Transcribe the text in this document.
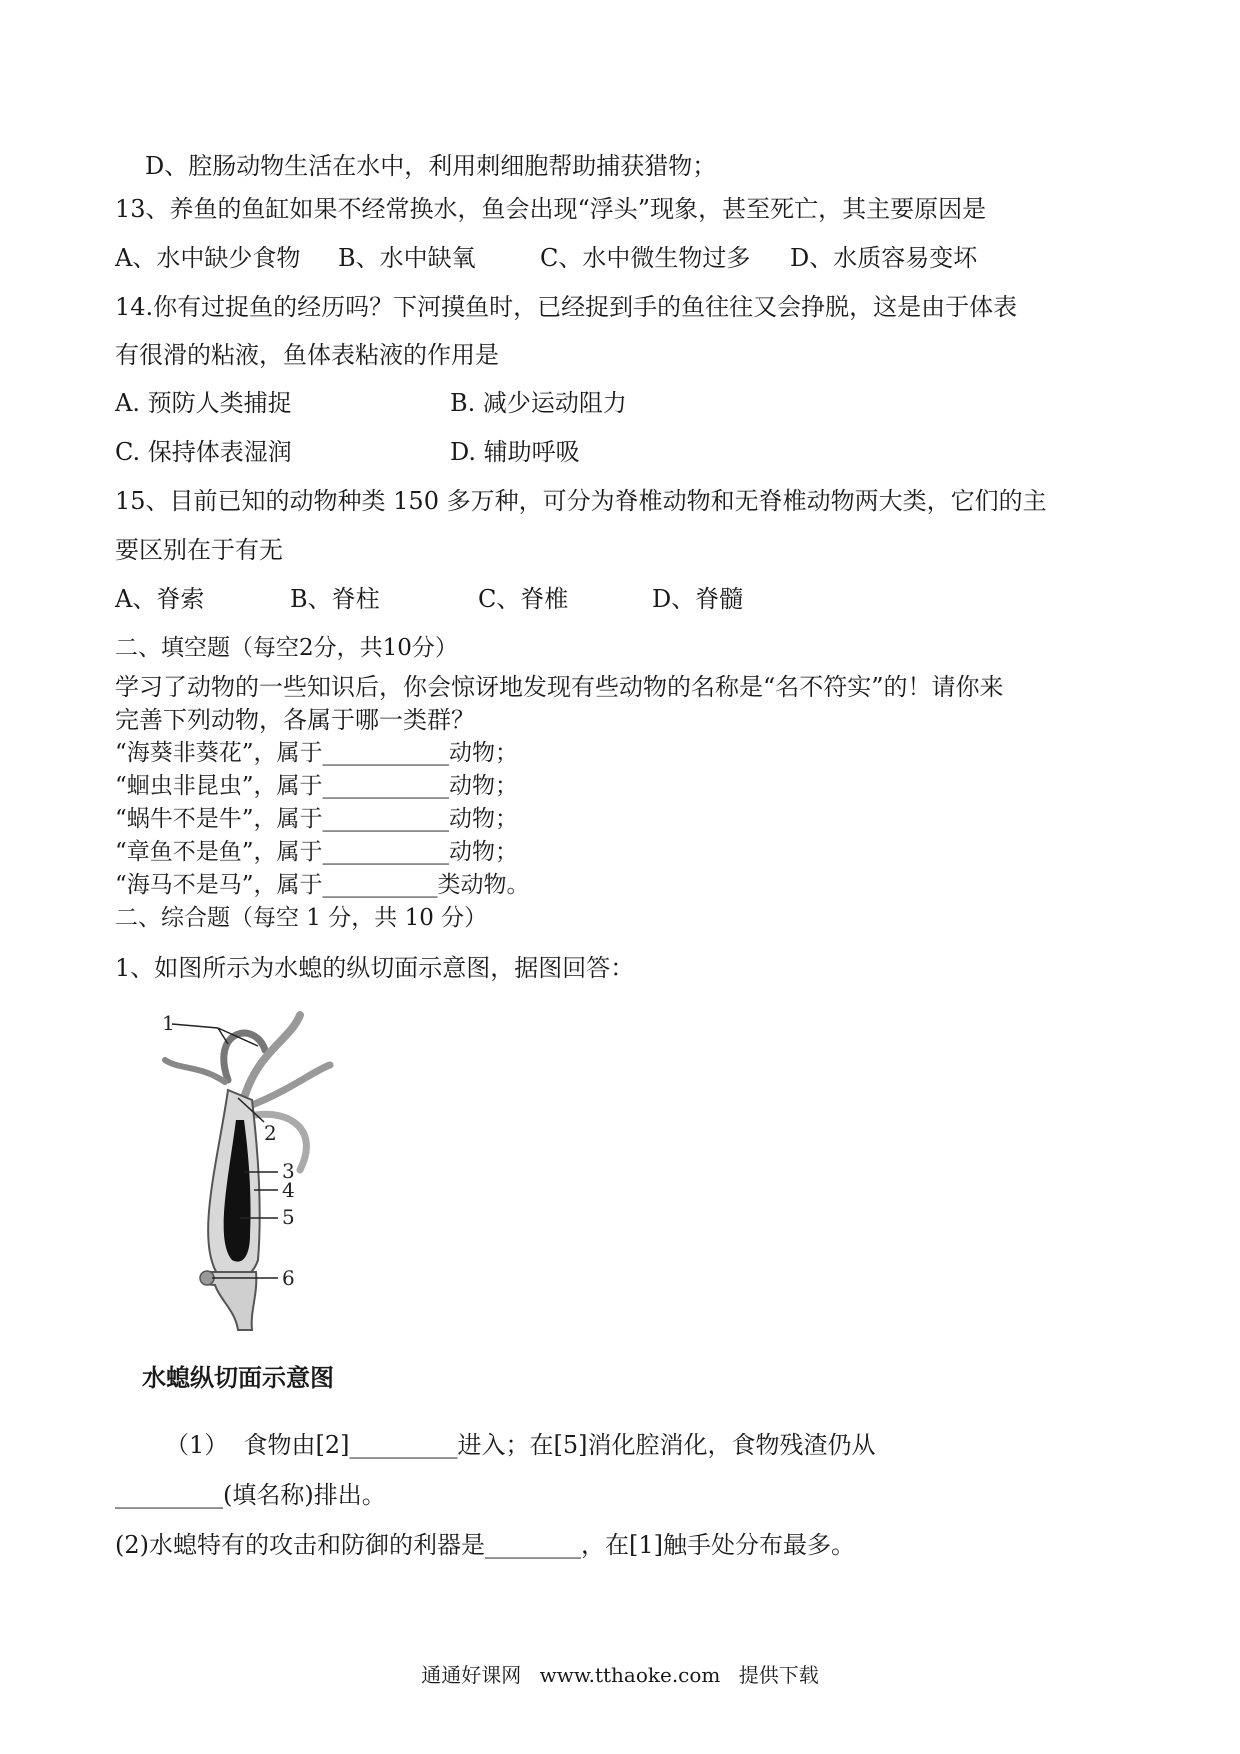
D、腔肠动物生活在水中，利用刺细胞帮助捕获猎物；
13、养鱼的鱼缸如果不经常换水，鱼会出现“浮头”现象，甚至死亡，其主要原因是
A、水中缺少食物 B、水中缺氧	C、水中微生物过多 D、水质容易变坏
14.你有过捉鱼的经历吗？下河摸鱼时，已经捉到手的鱼往往又会挣脱，这是由于体表
有很滑的粘液，鱼体表粘液的作用是
A. 预防人类捕捉	B. 减少运动阻力
C. 保持体表湿润	D. 辅助呼吸
15、目前已知的动物种类 150 多万种，可分为脊椎动物和无脊椎动物两大类，它们的主
要区别在于有无
A、脊索	B、脊柱	C、脊椎	D、脊髓
二、填空题（每空2分，共10分）
学习了动物的一些知识后，你会惊讶地发现有些动物的名称是“名不符实”的！请你来
完善下列动物，各属于哪一类群？
“海葵非葵花”，属于___________动物；
“蛔虫非昆虫”，属于___________动物；
“蜗牛不是牛”，属于___________动物；
“章鱼不是鱼”，属于___________动物；
“海马不是马”，属于__________类动物。
二、综合题（每空 1 分，共 10 分）
1、如图所示为水螅的纵切面示意图，据图回答：
1
2
3
4
5
6
水螅纵切面示意图
（1）  食物由[2]_________进入；在[5]消化腔消化，食物残渣仍从
_________(填名称)排出。
(2)水螅特有的攻击和防御的利器是________，在[1]触手处分布最多。
通通好课网 www.tthaoke.com 提供下载
